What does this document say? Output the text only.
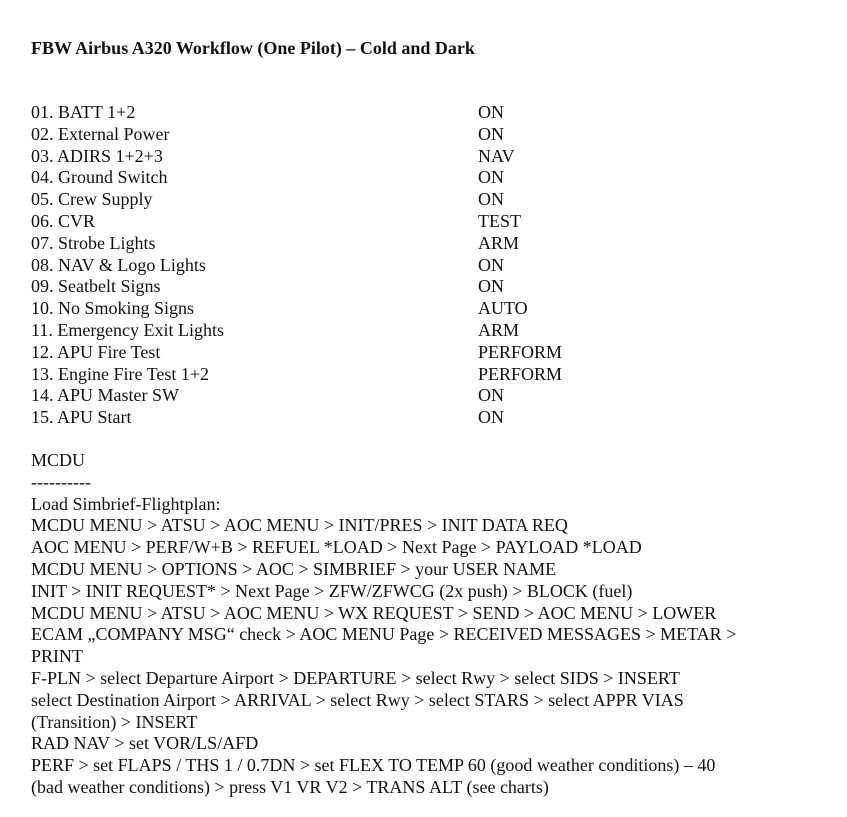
FBW Airbus A320 Workflow (One Pilot) – Cold and Dark
01. BATT 1+2	ON
02. External Power	ON
03. ADIRS 1+2+3	NAV
04. Ground Switch	ON
05. Crew Supply	ON
06. CVR	TEST
07. Strobe Lights	ARM
08. NAV & Logo Lights	ON
09. Seatbelt Signs	ON
10. No Smoking Signs	AUTO
11. Emergency Exit Lights	ARM
12. APU Fire Test	PERFORM
13. Engine Fire Test 1+2	PERFORM
14. APU Master SW	ON
15. APU Start	ON
MCDU
----------
Load Simbrief-Flightplan:
MCDU MENU > ATSU > AOC MENU > INIT/PRES > INIT DATA REQ
AOC MENU > PERF/W+B > REFUEL *LOAD > Next Page > PAYLOAD *LOAD
MCDU MENU > OPTIONS > AOC > SIMBRIEF > your USER NAME
INIT > INIT REQUEST* > Next Page > ZFW/ZFWCG (2x push) > BLOCK (fuel)
MCDU MENU > ATSU > AOC MENU > WX REQUEST > SEND > AOC MENU > LOWER
ECAM „COMPANY MSG“ check > AOC MENU Page > RECEIVED MESSAGES > METAR >
PRINT
F-PLN > select Departure Airport > DEPARTURE > select Rwy > select SIDS > INSERT
select Destination Airport > ARRIVAL > select Rwy > select STARS > select APPR VIAS
(Transition) > INSERT
RAD NAV > set VOR/LS/AFD
PERF > set FLAPS / THS 1 / 0.7DN > set FLEX TO TEMP 60 (good weather conditions) – 40
(bad weather conditions) > press V1 VR V2 > TRANS ALT (see charts)
